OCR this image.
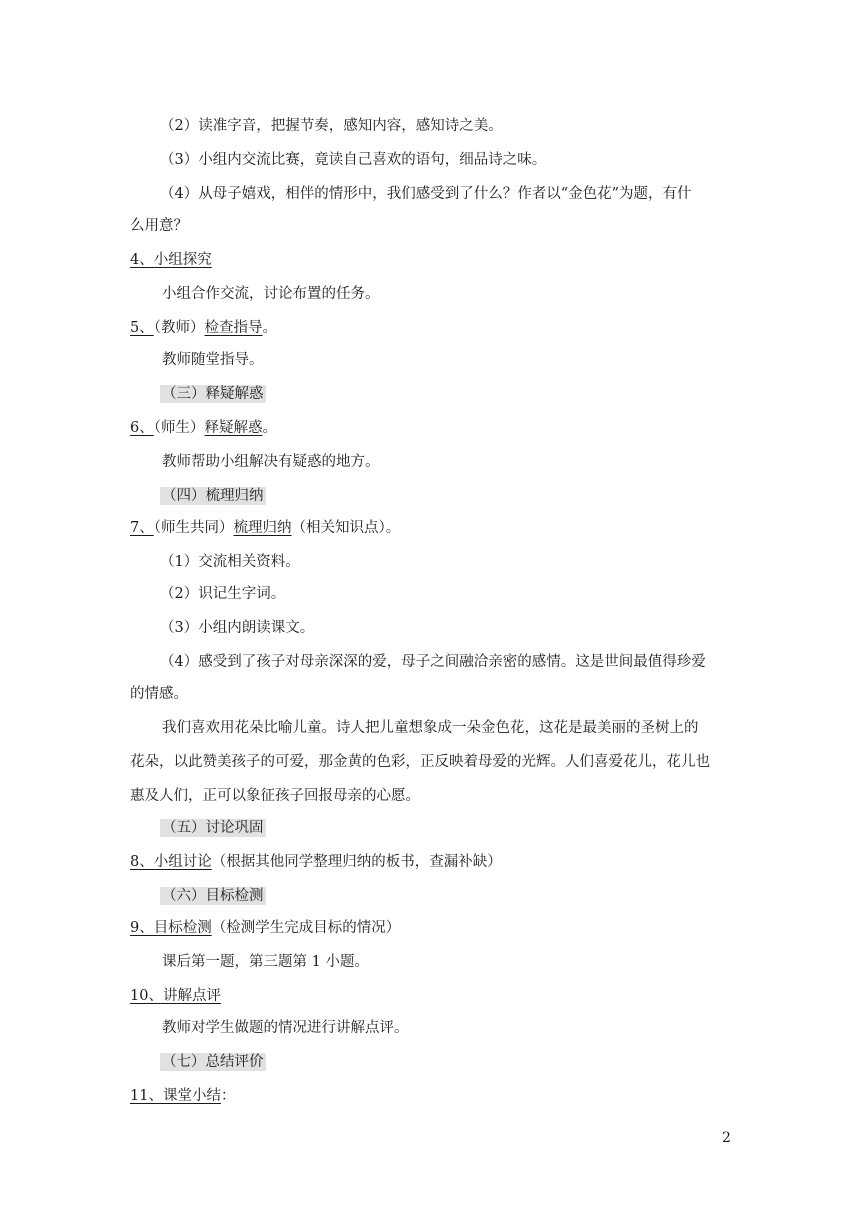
（2）读准字音，把握节奏，感知内容，感知诗之美。
（3）小组内交流比赛，竟读自己喜欢的语句，细品诗之味。
（4）从母子嬉戏，相伴的情形中，我们感受到了什么？作者以“金色花”为题，有什
么用意？
4、小组探究
小组合作交流，讨论布置的任务。
5、（教师）检查指导。
教师随堂指导。
（三）释疑解惑
6、（师生）释疑解惑。
教师帮助小组解决有疑惑的地方。
（四）梳理归纳
7、（师生共同）梳理归纳（相关知识点）。
（1）交流相关资料。
（2）识记生字词。
（3）小组内朗读课文。
（4）感受到了孩子对母亲深深的爱，母子之间融洽亲密的感情。这是世间最值得珍爱
的情感。
我们喜欢用花朵比喻儿童。诗人把儿童想象成一朵金色花，这花是最美丽的圣树上的
花朵，以此赞美孩子的可爱，那金黄的色彩，正反映着母爱的光辉。人们喜爱花儿，花儿也
惠及人们，正可以象征孩子回报母亲的心愿。
（五）讨论巩固
8、小组讨论（根据其他同学整理归纳的板书，查漏补缺）
（六）目标检测
9、目标检测（检测学生完成目标的情况）
课后第一题，第三题第 1 小题。
10、讲解点评
教师对学生做题的情况进行讲解点评。
（七）总结评价
11、课堂小结：
2
